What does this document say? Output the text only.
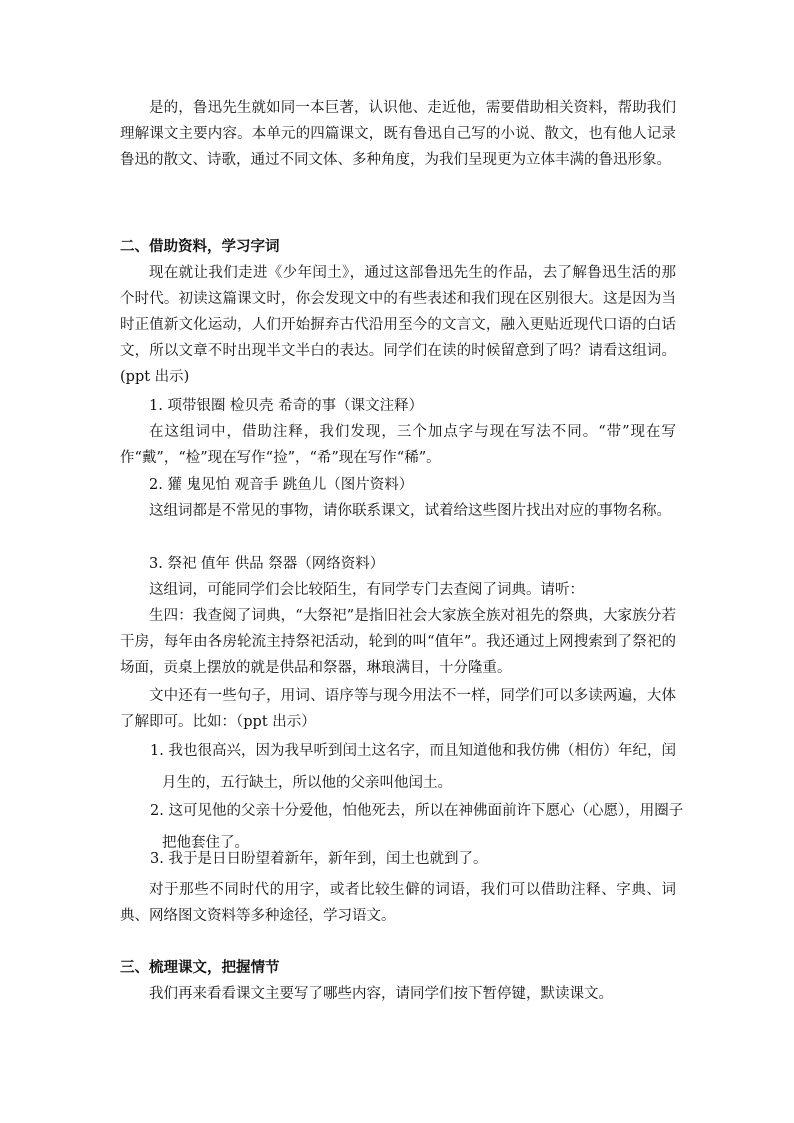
是的，鲁迅先生就如同一本巨著，认识他、走近他，需要借助相关资料，帮助我们理解课文主要内容。本单元的四篇课文，既有鲁迅自己写的小说、散文，也有他人记录鲁迅的散文、诗歌，通过不同文体、多种角度，为我们呈现更为立体丰满的鲁迅形象。

二、借助资料，学习字词

现在就让我们走进《少年闰土》，通过这部鲁迅先生的作品，去了解鲁迅生活的那个时代。初读这篇课文时，你会发现文中的有些表述和我们现在区别很大。这是因为当时正值新文化运动，人们开始摒弃古代沿用至今的文言文，融入更贴近现代口语的白话文，所以文章不时出现半文半白的表达。同学们在读的时候留意到了吗？请看这组词。(ppt 出示)

1. 项带银圈 检贝壳 希奇的事（课文注释）

在这组词中，借助注释，我们发现，三个加点字与现在写法不同。“带”现在写作“戴”，“检”现在写作“捡”，“希”现在写作“稀”。

2. 獾 鬼见怕 观音手 跳鱼儿（图片资料）

这组词都是不常见的事物，请你联系课文，试着给这些图片找出对应的事物名称。

3. 祭祀 值年 供品 祭器（网络资料）

这组词，可能同学们会比较陌生，有同学专门去查阅了词典。请听：

生四：我查阅了词典，“大祭祀”是指旧社会大家族全族对祖先的祭典，大家族分若干房，每年由各房轮流主持祭祀活动，轮到的叫“值年”。我还通过上网搜索到了祭祀的场面，贡桌上摆放的就是供品和祭器，琳琅满目，十分隆重。

文中还有一些句子，用词、语序等与现今用法不一样，同学们可以多读两遍，大体了解即可。比如：（ppt 出示）

1. 我也很高兴，因为我早听到闰土这名字，而且知道他和我仿佛（相仿）年纪，闰月生的，五行缺土，所以他的父亲叫他闰土。

2. 这可见他的父亲十分爱他，怕他死去，所以在神佛面前许下愿心（心愿），用圈子把他套住了。

3. 我于是日日盼望着新年，新年到，闰土也就到了。

对于那些不同时代的用字，或者比较生僻的词语，我们可以借助注释、字典、词典、网络图文资料等多种途径，学习语文。

三、梳理课文，把握情节

我们再来看看课文主要写了哪些内容，请同学们按下暂停键，默读课文。
